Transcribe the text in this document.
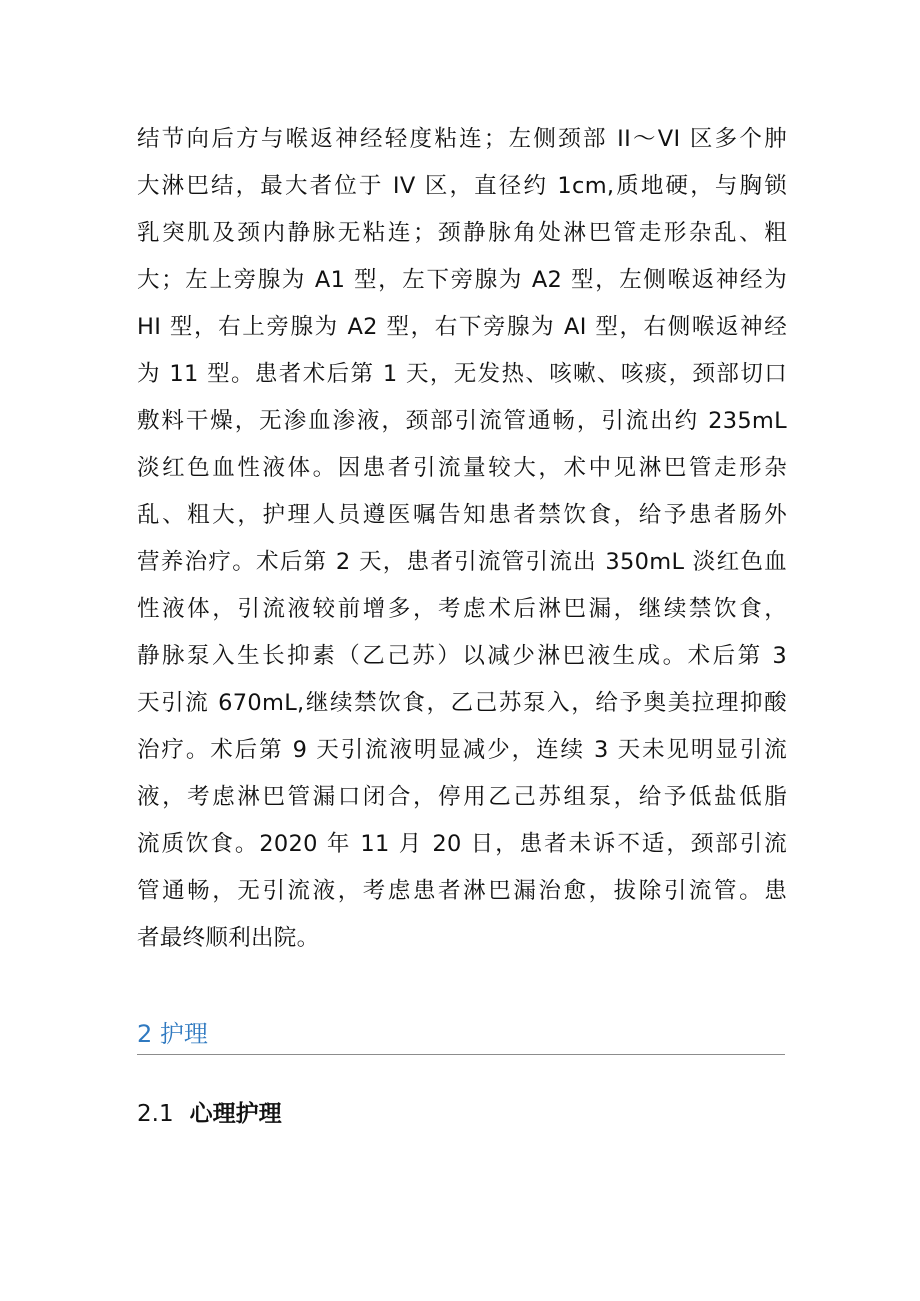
结节向后方与喉返神经轻度粘连；左侧颈部 II～VI 区多个肿
大淋巴结，最大者位于 IV 区，直径约 1cm,质地硬，与胸锁
乳突肌及颈内静脉无粘连；颈静脉角处淋巴管走形杂乱、粗
大；左上旁腺为 A1 型，左下旁腺为 A2 型，左侧喉返神经为
HI 型，右上旁腺为 A2 型，右下旁腺为 AI 型，右侧喉返神经
为 11 型。患者术后第 1 天，无发热、咳嗽、咳痰，颈部切口
敷料干燥，无渗血渗液，颈部引流管通畅，引流出约 235mL
淡红色血性液体。因患者引流量较大，术中见淋巴管走形杂
乱、粗大，护理人员遵医嘱告知患者禁饮食，给予患者肠外
营养治疗。术后第 2 天，患者引流管引流出 350mL 淡红色血
性液体，引流液较前增多，考虑术后淋巴漏，继续禁饮食，
静脉泵入生长抑素（乙己苏）以减少淋巴液生成。术后第 3
天引流 670mL,继续禁饮食，乙己苏泵入，给予奥美拉理抑酸
治疗。术后第 9 天引流液明显减少，连续 3 天未见明显引流
液，考虑淋巴管漏口闭合，停用乙己苏组泵，给予低盐低脂
流质饮食。2020 年 11 月 20 日，患者未诉不适，颈部引流
管通畅，无引流液，考虑患者淋巴漏治愈，拔除引流管。患
者最终顺利出院。
2 护理
2.1 心理护理
